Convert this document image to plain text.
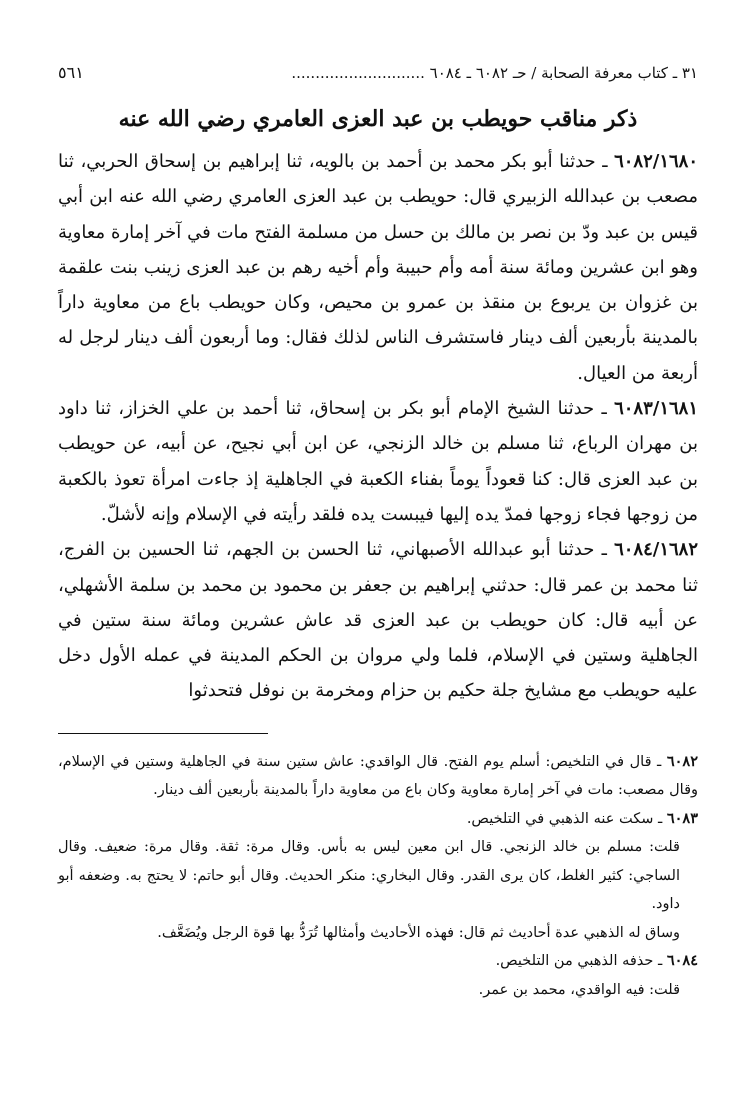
٣١ ـ كتاب معرفة الصحابة / حـ ٦٠٨٢ ـ ٦٠٨٤ ............................
٥٦١
ذكر مناقب حويطب بن عبد العزى العامري رضي الله عنه

٦٠٨٢/١٦٨٠ ـ حدثنا أبو بكر محمد بن أحمد بن بالويه، ثنا إبراهيم بن إسحاق الحربي، ثنا مصعب بن عبدالله الزبيري قال: حويطب بن عبد العزى العامري رضي الله عنه ابن أبي قيس بن عبد ودّ بن نصر بن مالك بن حسل من مسلمة الفتح مات في آخر إمارة معاوية وهو ابن عشرين ومائة سنة أمه وأم حبيبة وأم أخيه رهم بن عبد العزى زينب بنت علقمة بن غزوان بن يربوع بن منقذ بن عمرو بن محيص، وكان حويطب باع من معاوية داراً بالمدينة بأربعين ألف دينار فاستشرف الناس لذلك فقال: وما أربعون ألف دينار لرجل له أربعة من العيال.

٦٠٨٣/١٦٨١ ـ حدثنا الشيخ الإمام أبو بكر بن إسحاق، ثنا أحمد بن علي الخزاز، ثنا داود بن مهران الرباع، ثنا مسلم بن خالد الزنجي، عن ابن أبي نجيح، عن أبيه، عن حويطب بن عبد العزى قال: كنا قعوداً يوماً بفناء الكعبة في الجاهلية إذ جاءت امرأة تعوذ بالكعبة من زوجها فجاء زوجها فمدّ يده إليها فيبست يده فلقد رأيته في الإسلام وإنه لأشلّ.

٦٠٨٤/١٦٨٢ ـ حدثنا أبو عبدالله الأصبهاني، ثنا الحسن بن الجهم، ثنا الحسين بن الفرج، ثنا محمد بن عمر قال: حدثني إبراهيم بن جعفر بن محمود بن محمد بن سلمة الأشهلي، عن أبيه قال: كان حويطب بن عبد العزى قد عاش عشرين ومائة سنة ستين في الجاهلية وستين في الإسلام، فلما ولي مروان بن الحكم المدينة في عمله الأول دخل عليه حويطب مع مشايخ جلة حكيم بن حزام ومخرمة بن نوفل فتحدثوا

٦٠٨٢ ـ قال في التلخيص: أسلم يوم الفتح. قال الواقدي: عاش ستين سنة في الجاهلية وستين في الإسلام، وقال مصعب: مات في آخر إمارة معاوية وكان باع من معاوية داراً بالمدينة بأربعين ألف دينار.

٦٠٨٣ ـ سكت عنه الذهبي في التلخيص.

قلت: مسلم بن خالد الزنجي. قال ابن معين ليس به بأس. وقال مرة: ثقة. وقال مرة: ضعيف. وقال الساجي: كثير الغلط، كان يرى القدر. وقال البخاري: منكر الحديث. وقال أبو حاتم: لا يحتج به. وضعفه أبو داود.

وساق له الذهبي عدة أحاديث ثم قال: فهذه الأحاديث وأمثالها تُرَدُّ بها قوة الرجل ويُضَعَّف.

٦٠٨٤ ـ حذفه الذهبي من التلخيص.

قلت: فيه الواقدي، محمد بن عمر.
